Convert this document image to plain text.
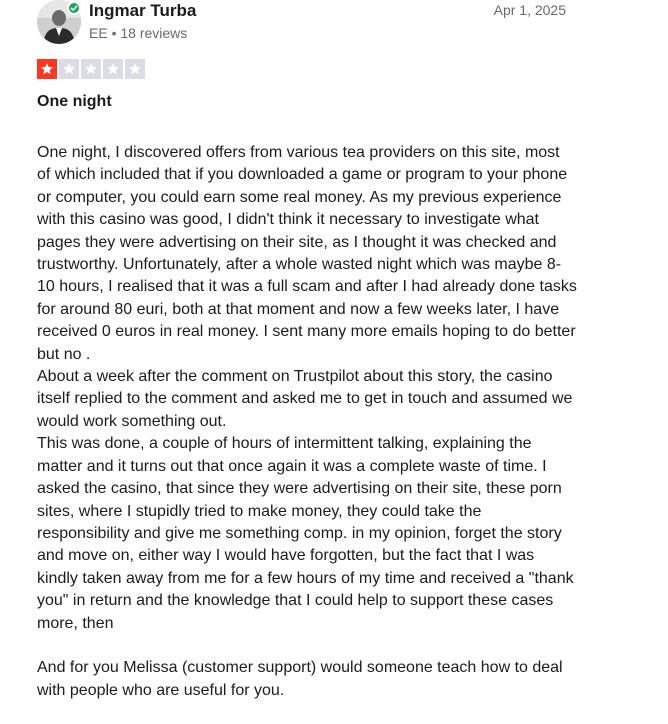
Ingmar Turba
EE • 18 reviews
Apr 1, 2025
One night
One night, I discovered offers from various tea providers on this site, most of which included that if you downloaded a game or program to your phone or computer, you could earn some real money. As my previous experience with this casino was good, I didn't think it necessary to investigate what pages they were advertising on their site, as I thought it was checked and trustworthy. Unfortunately, after a whole wasted night which was maybe 8-10 hours, I realised that it was a full scam and after I had already done tasks for around 80 euri, both at that moment and now a few weeks later, I have received 0 euros in real money. I sent many more emails hoping to do better but no .
About a week after the comment on Trustpilot about this story, the casino itself replied to the comment and asked me to get in touch and assumed we would work something out.
This was done, a couple of hours of intermittent talking, explaining the matter and it turns out that once again it was a complete waste of time. I asked the casino, that since they were advertising on their site, these porn sites, where I stupidly tried to make money, they could take the responsibility and give me something comp. in my opinion, forget the story and move on, either way I would have forgotten, but the fact that I was kindly taken away from me for a few hours of my time and received a "thank you" in return and the knowledge that I could help to support these cases more, then

And for you Melissa (customer support) would someone teach how to deal with people who are useful for you.
